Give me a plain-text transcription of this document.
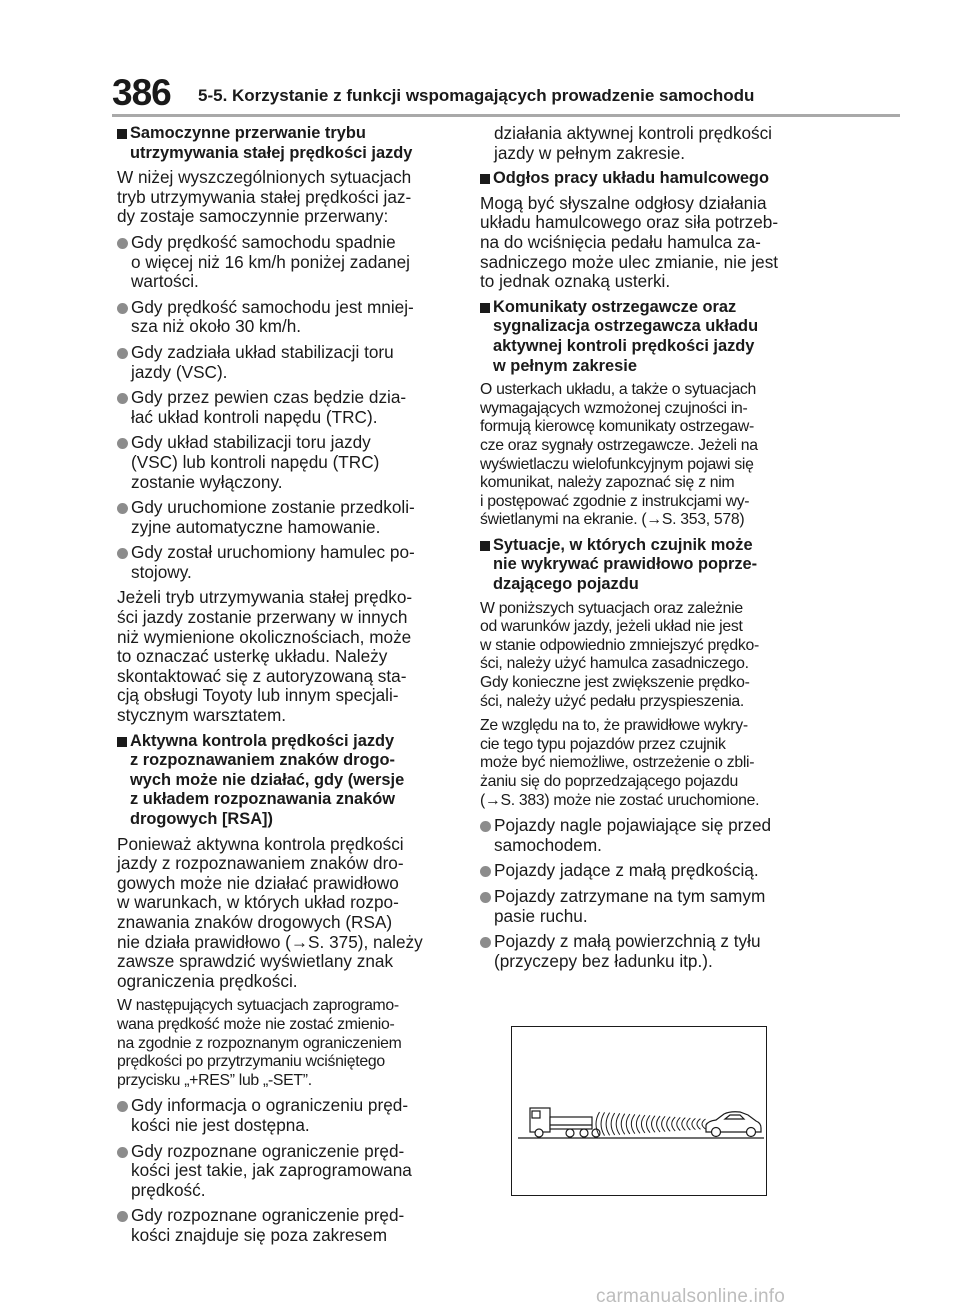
386 5-5. Korzystanie z funkcji wspomagających prowadzenie samochodu
Samoczynne przerwanie trybu
utrzymywania stałej prędkości jazdy

W niżej wyszczególnionych sytuacjach
tryb utrzymywania stałej prędkości jaz-
dy zostaje samoczynnie przerwany:

Gdy prędkość samochodu spadnie
o więcej niż 16 km/h poniżej zadanej
wartości.
Gdy prędkość samochodu jest mniej-
sza niż około 30 km/h.
Gdy zadziała układ stabilizacji toru
jazdy (VSC).
Gdy przez pewien czas będzie dzia-
łać układ kontroli napędu (TRC).
Gdy układ stabilizacji toru jazdy
(VSC) lub kontroli napędu (TRC)
zostanie wyłączony.
Gdy uruchomione zostanie przedkoli-
zyjne automatyczne hamowanie.
Gdy został uruchomiony hamulec po-
stojowy.

Jeżeli tryb utrzymywania stałej prędko-
ści jazdy zostanie przerwany w innych
niż wymienione okolicznościach, może
to oznaczać usterkę układu. Należy
skontaktować się z autoryzowaną sta-
cją obsługi Toyoty lub innym specjali-
stycznym warsztatem.

Aktywna kontrola prędkości jazdy
z rozpoznawaniem znaków drogo-
wych może nie działać, gdy (wersje
z układem rozpoznawania znaków
drogowych [RSA])

Ponieważ aktywna kontrola prędkości
jazdy z rozpoznawaniem znaków dro-
gowych może nie działać prawidłowo
w warunkach, w których układ rozpo-
znawania znaków drogowych (RSA)
nie działa prawidłowo (→S. 375), należy
zawsze sprawdzić wyświetlany znak
ograniczenia prędkości.

W następujących sytuacjach zaprogramo-
wana prędkość może nie zostać zmienio-
na zgodnie z rozpoznanym ograniczeniem
prędkości po przytrzymaniu wciśniętego
przycisku „+RES” lub „-SET”.

Gdy informacja o ograniczeniu pręd-
kości nie jest dostępna.
Gdy rozpoznane ograniczenie pręd-
kości jest takie, jak zaprogramowana
prędkość.
Gdy rozpoznane ograniczenie pręd-
kości znajduje się poza zakresem

działania aktywnej kontroli prędkości
jazdy w pełnym zakresie.

Odgłos pracy układu hamulcowego

Mogą być słyszalne odgłosy działania
układu hamulcowego oraz siła potrzeb-
na do wciśnięcia pedału hamulca za-
sadniczego może ulec zmianie, nie jest
to jednak oznaką usterki.

Komunikaty ostrzegawcze oraz
sygnalizacja ostrzegawcza układu
aktywnej kontroli prędkości jazdy
w pełnym zakresie

O usterkach układu, a także o sytuacjach
wymagających wzmożonej czujności in-
formują kierowcę komunikaty ostrzegaw-
cze oraz sygnały ostrzegawcze. Jeżeli na
wyświetlaczu wielofunkcyjnym pojawi się
komunikat, należy zapoznać się z nim
i postępować zgodnie z instrukcjami wy-
świetlanymi na ekranie. (→S. 353, 578)

Sytuacje, w których czujnik może
nie wykrywać prawidłowo poprze-
dzającego pojazdu

W poniższych sytuacjach oraz zależnie
od warunków jazdy, jeżeli układ nie jest
w stanie odpowiednio zmniejszyć prędko-
ści, należy użyć hamulca zasadniczego.
Gdy konieczne jest zwiększenie prędko-
ści, należy użyć pedału przyspieszenia.

Ze względu na to, że prawidłowe wykry-
cie tego typu pojazdów przez czujnik
może być niemożliwe, ostrzeżenie o zbli-
żaniu się do poprzedzającego pojazdu
(→S. 383) może nie zostać uruchomione.

Pojazdy nagle pojawiające się przed
samochodem.
Pojazdy jadące z małą prędkością.
Pojazdy zatrzymane na tym samym
pasie ruchu.
Pojazdy z małą powierzchnią z tyłu
(przyczepy bez ładunku itp.).
carmanualsonline.info
